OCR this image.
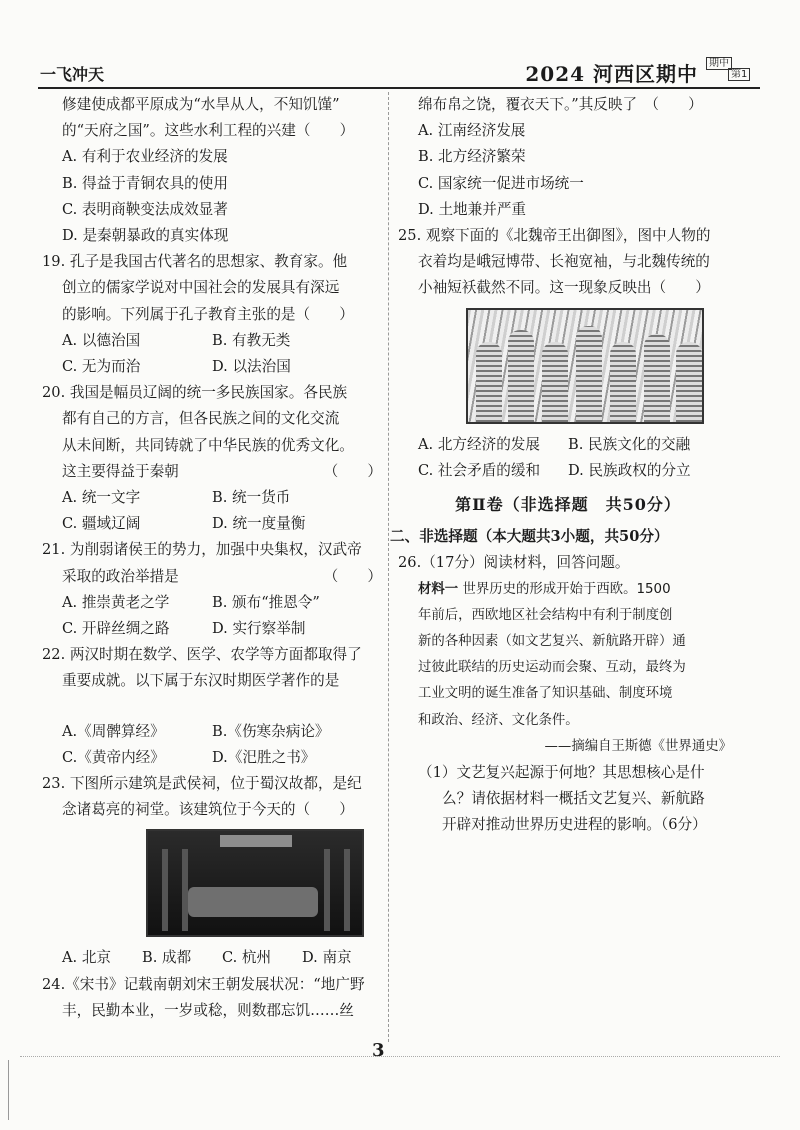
一飞冲天	2024 河西区期中	期中
第1
修建使成都平原成为“水旱从人，不知饥馑”
的“天府之国”。这些水利工程的兴建（　　）
A. 有利于农业经济的发展
B. 得益于青铜农具的使用
C. 表明商鞅变法成效显著
D. 是秦朝暴政的真实体现
19. 孔子是我国古代著名的思想家、教育家。他
创立的儒家学说对中国社会的发展具有深远
的影响。下列属于孔子教育主张的是（　　）
A. 以德治国	B. 有教无类
C. 无为而治	D. 以法治国
20. 我国是幅员辽阔的统一多民族国家。各民族
都有自己的方言，但各民族之间的文化交流
从未间断，共同铸就了中华民族的优秀文化。
这主要得益于秦朝	（　　）
A. 统一文字	B. 统一货币
C. 疆域辽阔	D. 统一度量衡
21. 为削弱诸侯王的势力，加强中央集权，汉武帝
采取的政治举措是	（　　）
A. 推崇黄老之学	B. 颁布“推恩令”
C. 开辟丝绸之路	D. 实行察举制
22. 两汉时期在数学、医学、农学等方面都取得了
重要成就。以下属于东汉时期医学著作的是
A.《周髀算经》	B.《伤寒杂病论》
C.《黄帝内经》	D.《汜胜之书》
23. 下图所示建筑是武侯祠，位于蜀汉故都，是纪
念诸葛亮的祠堂。该建筑位于今天的（　　）
A. 北京	B. 成都	C. 杭州	D. 南京
24.《宋书》记载南朝刘宋王朝发展状况：“地广野
丰，民勤本业，一岁或稔，则数郡忘饥……丝
绵布帛之饶，覆衣天下。”其反映了　（　　）
A. 江南经济发展
B. 北方经济繁荣
C. 国家统一促进市场统一
D. 土地兼并严重
25. 观察下面的《北魏帝王出御图》，图中人物的
衣着均是峨冠博带、长袍宽袖，与北魏传统的
小袖短袄截然不同。这一现象反映出（　　）
A. 北方经济的发展	B. 民族文化的交融
C. 社会矛盾的缓和	D. 民族政权的分立
第Ⅱ卷（非选择题　共50分）
二、非选择题（本大题共3小题，共50分）
26.（17分）阅读材料，回答问题。
材料一 世界历史的形成开始于西欧。1500
年前后，西欧地区社会结构中有利于制度创
新的各种因素（如文艺复兴、新航路开辟）通
过彼此联结的历史运动而会聚、互动，最终为
工业文明的诞生准备了知识基础、制度环境
和政治、经济、文化条件。
——摘编自王斯德《世界通史》
（1）文艺复兴起源于何地？其思想核心是什
么？请依据材料一概括文艺复兴、新航路
开辟对推动世界历史进程的影响。（6分）
3
